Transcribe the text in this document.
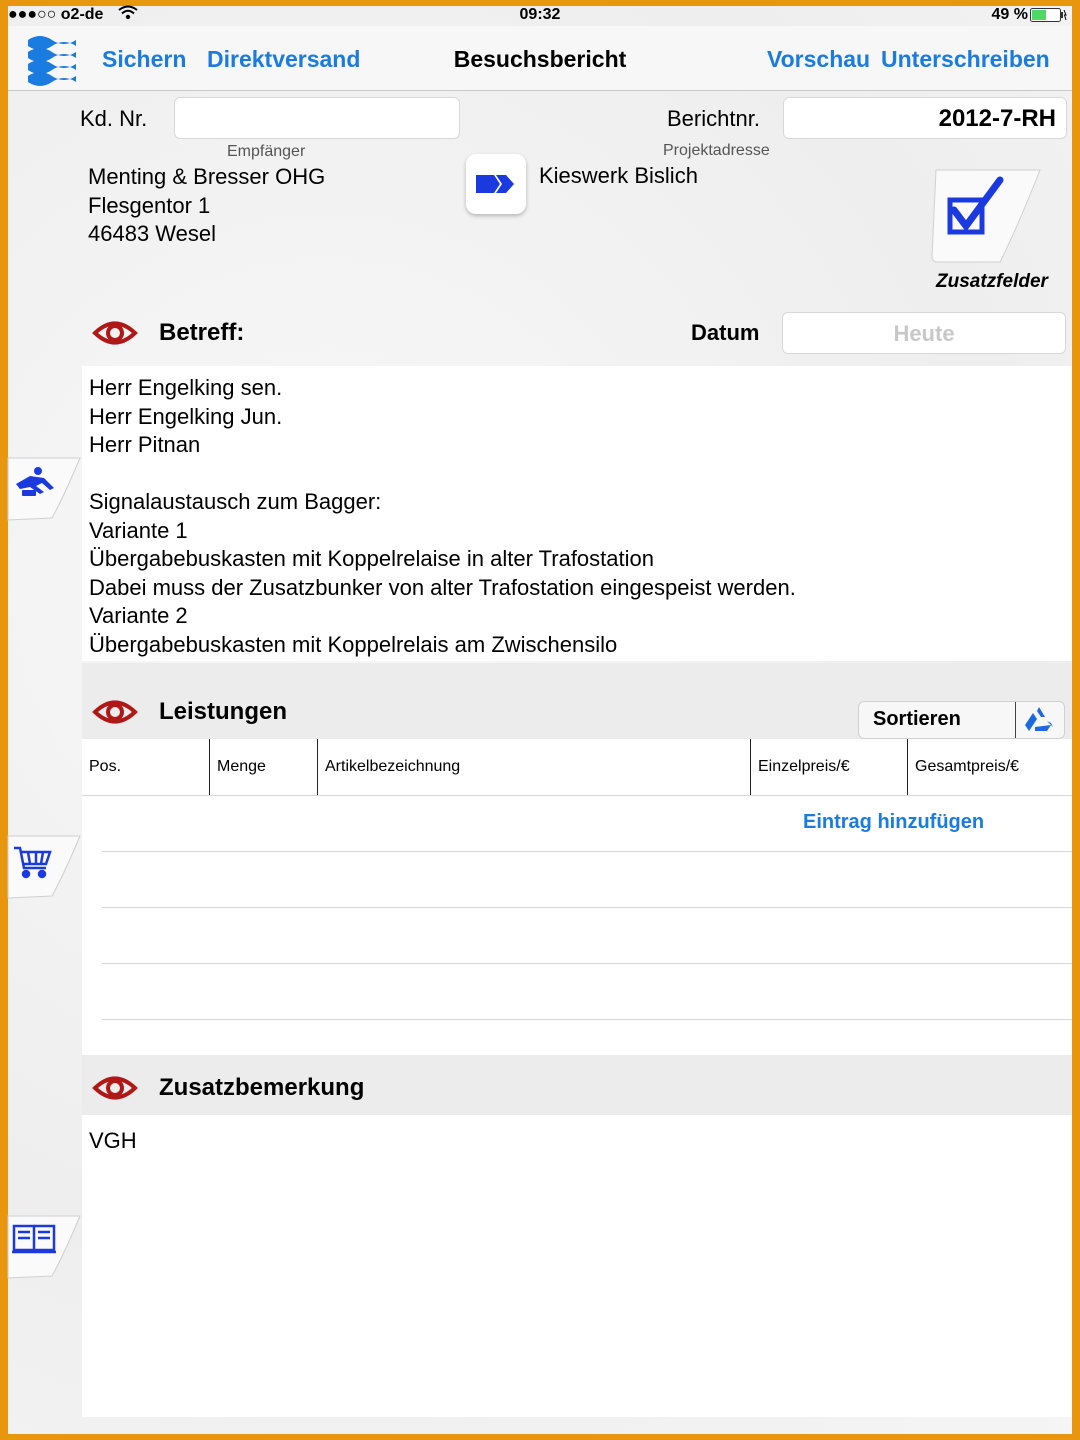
●●●○○ o2-de	09:32	49 %
Sichern Direktversand	Besuchsbericht	Vorschau Unterschreiben
Kd. Nr.	Berichtnr.	2012-7-RH
Empfänger
Menting & Bresser OHG
Flesgentor 1
46483 Wesel
Projektadresse
Kieswerk Bislich
Zusatzfelder
Betreff:	Datum	Heute
Herr Engelking sen.
Herr Engelking Jun.
Herr Pitnan
Signalaustausch zum Bagger:
Variante 1
Übergabebuskasten mit Koppelrelaise in alter Trafostation
Dabei muss der Zusatzbunker von alter Trafostation eingespeist werden.
Variante 2
Übergabebuskasten mit Koppelrelais am Zwischensilo
Leistungen	Sortieren
Pos.	Menge	Artikelbezeichnung	Einzelpreis/€	Gesamtpreis/€
Eintrag hinzufügen
Zusatzbemerkung
VGH
